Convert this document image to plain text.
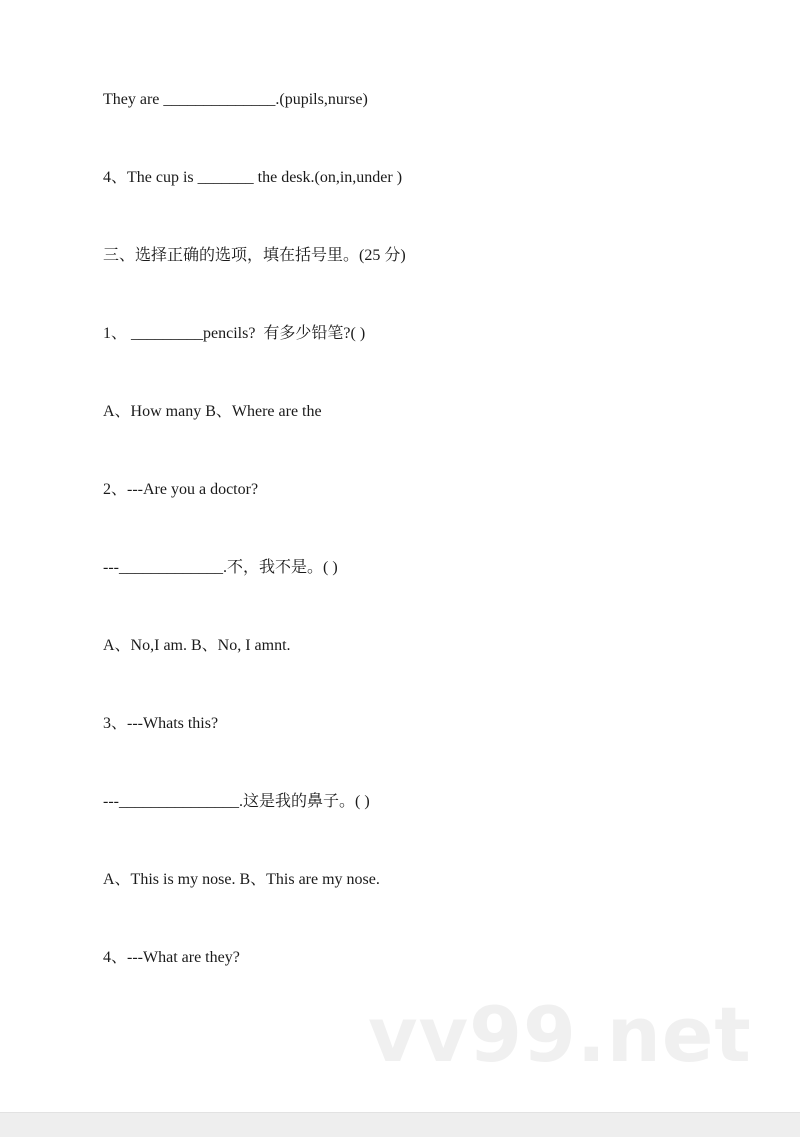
They are ______________.(pupils,nurse)

4、The cup is _______ the desk.(on,in,under )

三、选择正确的选项，填在括号里。(25 分)

1、 _________pencils?  有多少铅笔?( )

A、How many B、Where are the

2、---Are you a doctor?

---_____________.不，我不是。( )

A、No,I am. B、No, I amnt.

3、---Whats this?

---_______________.这是我的鼻子。( )

A、This is my nose. B、This are my nose.

4、---What are they?

vv99.net
